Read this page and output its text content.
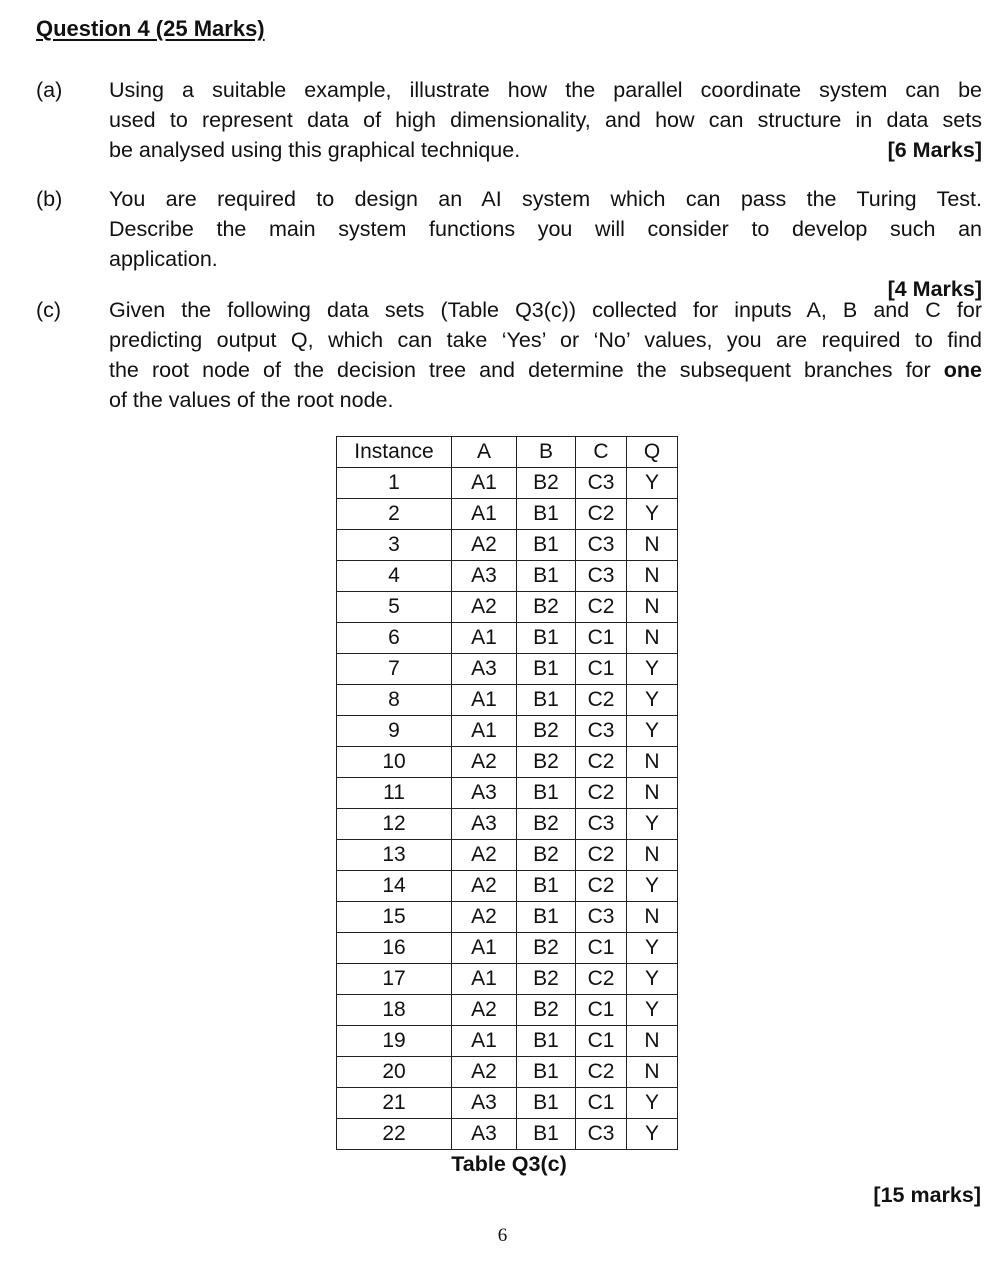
Question 4 (25 Marks)
(a) Using a suitable example, illustrate how the parallel coordinate system can be
used to represent data of high dimensionality, and how can structure in data sets
be analysed using this graphical technique.	[6 Marks]
(b) You are required to design an AI system which can pass the Turing Test.
Describe the main system functions you will consider to develop such an
application.
[4 Marks]

(c) Given the following data sets (Table Q3(c)) collected for inputs A, B and C for
predicting output Q, which can take ‘Yes’ or ‘No’ values, you are required to find
the root node of the decision tree and determine the subsequent branches for one
of the values of the root node.
Instance	A	B	C	Q
1	A1	B2	C3	Y
2	A1	B1	C2	Y
3	A2	B1	C3	N
4	A3	B1	C3	N
5	A2	B2	C2	N
6	A1	B1	C1	N
7	A3	B1	C1	Y
8	A1	B1	C2	Y
9	A1	B2	C3	Y
10	A2	B2	C2	N
11	A3	B1	C2	N
12	A3	B2	C3	Y
13	A2	B2	C2	N
14	A2	B1	C2	Y
15	A2	B1	C3	N
16	A1	B2	C1	Y
17	A1	B2	C2	Y
18	A2	B2	C1	Y
19	A1	B1	C1	N
20	A2	B1	C2	N
21	A3	B1	C1	Y
22	A3	B1	C3	Y
Table Q3(c)
[15 marks]
6
